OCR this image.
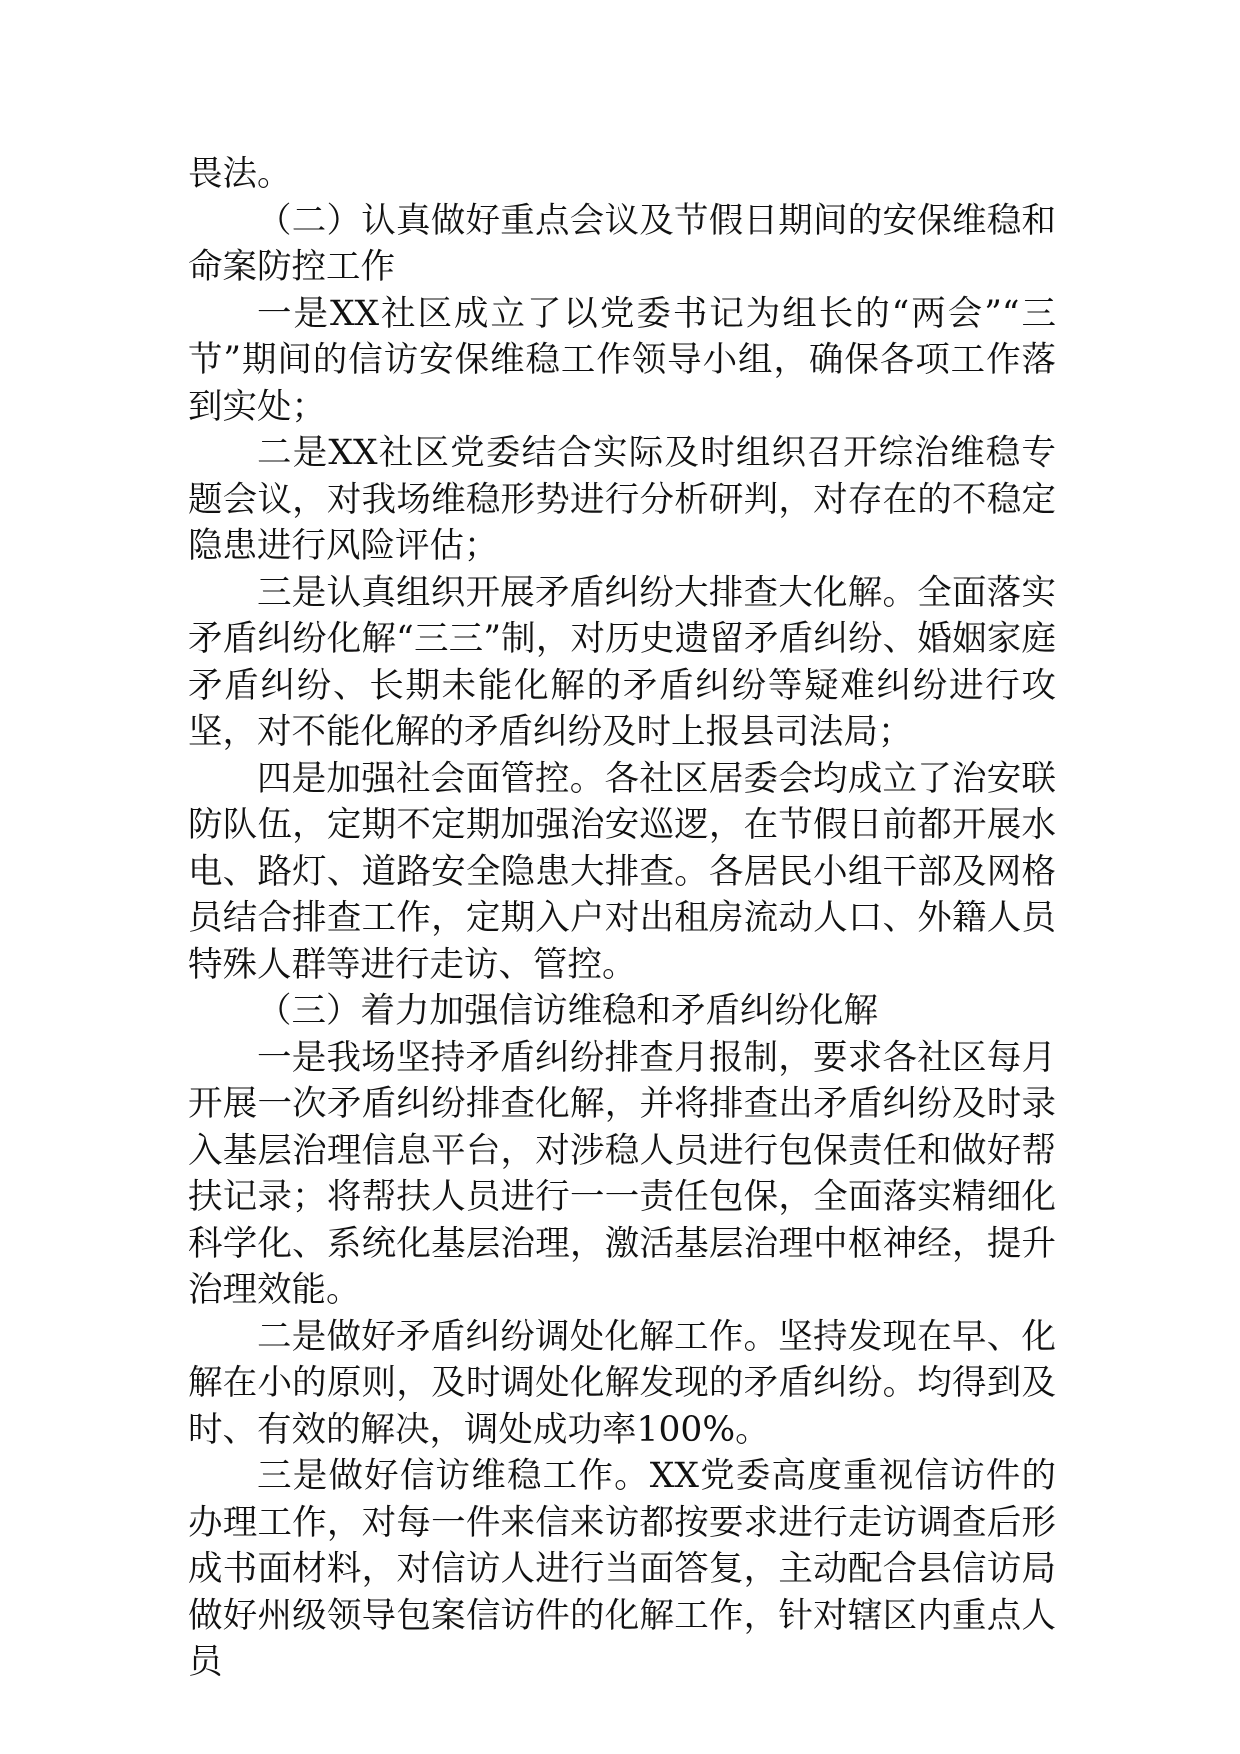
畏法。

（二）认真做好重点会议及节假日期间的安保维稳和命案防控工作

一是XX社区成立了以党委书记为组长的“两会”“三节”期间的信访安保维稳工作领导小组，确保各项工作落到实处；

二是XX社区党委结合实际及时组织召开综治维稳专题会议，对我场维稳形势进行分析研判，对存在的不稳定隐患进行风险评估；

三是认真组织开展矛盾纠纷大排查大化解。全面落实矛盾纠纷化解“三三”制，对历史遗留矛盾纠纷、婚姻家庭矛盾纠纷、长期未能化解的矛盾纠纷等疑难纠纷进行攻坚，对不能化解的矛盾纠纷及时上报县司法局；

四是加强社会面管控。各社区居委会均成立了治安联防队伍，定期不定期加强治安巡逻，在节假日前都开展水电、路灯、道路安全隐患大排查。各居民小组干部及网格员结合排查工作，定期入户对出租房流动人口、外籍人员特殊人群等进行走访、管控。

（三）着力加强信访维稳和矛盾纠纷化解

一是我场坚持矛盾纠纷排查月报制，要求各社区每月开展一次矛盾纠纷排查化解，并将排查出矛盾纠纷及时录入基层治理信息平台，对涉稳人员进行包保责任和做好帮扶记录；将帮扶人员进行一一责任包保，全面落实精细化科学化、系统化基层治理，激活基层治理中枢神经，提升治理效能。

二是做好矛盾纠纷调处化解工作。坚持发现在早、化解在小的原则，及时调处化解发现的矛盾纠纷。均得到及时、有效的解决，调处成功率100%。

三是做好信访维稳工作。XX党委高度重视信访件的办理工作，对每一件来信来访都按要求进行走访调查后形成书面材料，对信访人进行当面答复，主动配合县信访局做好州级领导包案信访件的化解工作，针对辖区内重点人员
